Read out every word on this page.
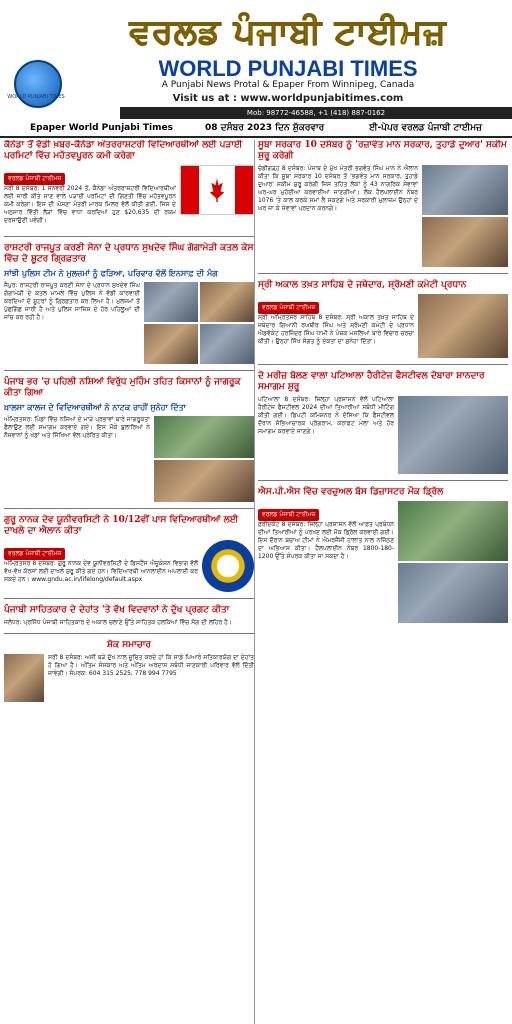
WORLD PUNJABI TIMES
ਵਰਲਡ ਪੰਜਾਬੀ ਟਾਈਮਜ਼
WORLD PUNJABI TIMES
A Punjabi News Protal & Epaper From Winnipeg, Canada
Visit us at : www.worldpunjabitimes.com
Mob: 98772-46588, +1 (418) 887-0162
Epaper World Punjabi Times	08 ਦਸੰਬਰ 2023 ਦਿਨ ਸ਼ੁੱਕਰਵਾਰ	ਈ-ਪੇਪਰ ਵਰਲਡ ਪੰਜਾਬੀ ਟਾਈਮਜ਼
ਕੈਨੇਡਾ ਤੋਂ ਵੱਡੀ ਖ਼ਬਰ-ਕੈਨੇਡਾ ਅੰਤਰਰਾਸ਼ਟਰੀ ਵਿਦਿਆਰਥੀਆਂ ਲਈ ਪੜਾਈ ਪਰਮਿਟਾਂ ਵਿੱਚ ਮਹੱਤਵਪੂਰਨ ਕਮੀ ਕਰੇਗਾ
ਵਰਲਡ ਪੰਜਾਬੀ ਟਾਈਮਜ਼
ਸਰੀ 8 ਦਸੰਬਰ: 1 ਜਨਵਰੀ 2024 ਤੋਂ, ਕੈਨੇਡਾ ਅੰਤਰਰਾਸ਼ਟਰੀ ਵਿਦਿਆਰਥੀਆਂ ਲਈ ਜਾਰੀ ਕੀਤੇ ਜਾਣ ਵਾਲੇ ਪੜਾਈ ਪਰਮਿਟਾਂ ਦੀ ਗਿਣਤੀ ਵਿੱਚ ਮਹੱਤਵਪੂਰਨ ਕਮੀ ਕਰੇਗਾ। ਇਸ ਦੀ ਘੋਸ਼ਣਾ ਮੰਤਰੀ ਮਾਰਕ ਮਿਲਰ ਵੱਲੋਂ ਕੀਤੀ ਗਈ, ਜਿਸ ਦੇ ਅਨੁਸਾਰ ਵਿੱਤੀ ਲੋੜਾਂ ਵਿੱਚ ਵਾਧਾ ਕਰਦਿਆਂ ਹੁਣ $20,635 ਦੀ ਰਕਮ ਦਰਸਾਉਣੀ ਪਵੇਗੀ।
ਰਾਸ਼ਟਰੀ ਰਾਜਪੂਤ ਕਰਣੀ ਸੇਨਾ ਦੇ ਪ੍ਰਧਾਨ ਸੁਖਦੇਵ ਸਿੰਘ ਗੋਗਾਮੇੜੀ ਕਤਲ ਕੇਸ ਵਿੱਚ ਦੋ ਸ਼ੂਟਰ ਗ੍ਰਿਫ਼ਤਾਰ
ਸਾਂਝੀ ਪੁਲਿਸ ਟੀਮ ਨੇ ਮੁਲਜ਼ਮਾਂ ਨੂੰ ਫੜਿਆ, ਪਰਿਵਾਰ ਵੱਲੋਂ ਇਨਸਾਫ਼ ਦੀ ਮੰਗ
ਜੈਪੁਰ: ਰਾਸ਼ਟਰੀ ਰਾਜਪੂਤ ਕਰਣੀ ਸੇਨਾ ਦੇ ਪ੍ਰਧਾਨ ਸੁਖਦੇਵ ਸਿੰਘ ਗੋਗਾਮੇੜੀ ਦੇ ਕਤਲ ਮਾਮਲੇ ਵਿੱਚ ਪੁਲਿਸ ਨੇ ਵੱਡੀ ਕਾਰਵਾਈ ਕਰਦਿਆਂ ਦੋ ਸ਼ੂਟਰਾਂ ਨੂੰ ਗ੍ਰਿਫ਼ਤਾਰ ਕਰ ਲਿਆ ਹੈ। ਮੁਲਜ਼ਮਾਂ ਤੋਂ ਪੁੱਛਗਿੱਛ ਜਾਰੀ ਹੈ ਅਤੇ ਪੁਲਿਸ ਸਾਜ਼ਿਸ਼ ਦੇ ਹੋਰ ਪਹਿਲੂਆਂ ਦੀ ਜਾਂਚ ਕਰ ਰਹੀ ਹੈ।
ਪੰਜਾਬ ਭਰ 'ਚ ਪਹਿਲੀ ਨਸ਼ਿਆਂ ਵਿਰੁੱਧ ਮੁਹਿੰਮ ਤਹਿਤ ਕਿਸਾਨਾਂ ਨੂੰ ਜਾਗਰੂਕ ਕੀਤਾ ਗਿਆ
ਖ਼ਾਲਸਾ ਕਾਲਜ ਦੇ ਵਿਦਿਆਰਥੀਆਂ ਨੇ ਨਾਟਕ ਰਾਹੀਂ ਸੁਨੇਹਾ ਦਿੱਤਾ
ਅੰਮ੍ਰਿਤਸਰ: ਪਿੰਡਾਂ ਵਿੱਚ ਨਸ਼ਿਆਂ ਦੇ ਮਾੜੇ ਪ੍ਰਭਾਵਾਂ ਬਾਰੇ ਜਾਗਰੂਕਤਾ ਫੈਲਾਉਣ ਲਈ ਸਮਾਗਮ ਕਰਵਾਏ ਗਏ। ਇਸ ਮੌਕੇ ਬੁਲਾਰਿਆਂ ਨੇ ਨੌਜਵਾਨਾਂ ਨੂੰ ਖੇਡਾਂ ਅਤੇ ਸਿੱਖਿਆ ਵੱਲ ਪ੍ਰੇਰਿਤ ਕੀਤਾ।
ਗੁਰੂ ਨਾਨਕ ਦੇਵ ਯੂਨੀਵਰਸਿਟੀ ਨੇ 10/12ਵੀਂ ਪਾਸ ਵਿਦਿਆਰਥੀਆਂ ਲਈ ਦਾਖਲੇ ਦਾ ਐਲਾਨ ਕੀਤਾ
ਵਰਲਡ ਪੰਜਾਬੀ ਟਾਈਮਜ਼
ਅੰਮ੍ਰਿਤਸਰ 8 ਦਸੰਬਰ: ਗੁਰੂ ਨਾਨਕ ਦੇਵ ਯੂਨੀਵਰਸਿਟੀ ਦੇ ਡਿਸਟੈਂਸ ਐਜੂਕੇਸ਼ਨ ਵਿਭਾਗ ਵੱਲੋਂ ਵੱਖ-ਵੱਖ ਕੋਰਸਾਂ ਲਈ ਦਾਖਲੇ ਸ਼ੁਰੂ ਕੀਤੇ ਗਏ ਹਨ। ਵਿਦਿਆਰਥੀ ਆਨਲਾਈਨ ਅਪਲਾਈ ਕਰ ਸਕਦੇ ਹਨ। www.gndu.ac.in/lifelong/default.aspx
ਪੰਜਾਬੀ ਸਾਹਿਤਕਾਰ ਦੇ ਦੇਹਾਂਤ 'ਤੇ ਵੱਖ ਵਿਦਵਾਨਾਂ ਨੇ ਦੁੱਖ ਪ੍ਰਗਟ ਕੀਤਾ
ਜਲੰਧਰ: ਪ੍ਰਸਿੱਧ ਪੰਜਾਬੀ ਸਾਹਿਤਕਾਰ ਦੇ ਅਕਾਲ ਚਲਾਣੇ ਉੱਤੇ ਸਾਹਿਤਕ ਹਲਕਿਆਂ ਵਿੱਚ ਸੋਗ ਦੀ ਲਹਿਰ ਹੈ।
ਸ਼ੋਕ ਸਮਾਚਾਰ
ਸਰੀ 8 ਦਸੰਬਰ: ਅਸੀਂ ਬੜੇ ਦੁੱਖ ਨਾਲ ਸੂਚਿਤ ਕਰਦੇ ਹਾਂ ਕਿ ਸਾਡੇ ਪਿਆਰੇ ਸਤਿਕਾਰਯੋਗ ਦਾ ਦੇਹਾਂਤ ਹੋ ਗਿਆ ਹੈ। ਅੰਤਿਮ ਸੰਸਕਾਰ ਅਤੇ ਅੰਤਿਮ ਅਰਦਾਸ ਸਬੰਧੀ ਜਾਣਕਾਰੀ ਪਰਿਵਾਰ ਵੱਲੋਂ ਦਿੱਤੀ ਜਾਵੇਗੀ। ਸੰਪਰਕ: 604 315 2525, 778 994 7795
ਸੂਬਾ ਸਰਕਾਰ 10 ਦਸੰਬਰ ਨੂੰ 'ਰਜ਼ਾਵੰਤ ਮਾਨ ਸਰਕਾਰ, ਤੁਹਾਡੇ ਦੁਆਰ' ਸਕੀਮ ਸ਼ੁਰੂ ਕਰੇਗੀ
ਚੰਡੀਗੜ੍ਹ 8 ਦਸੰਬਰ: ਪੰਜਾਬ ਦੇ ਮੁੱਖ ਮੰਤਰੀ ਭਗਵੰਤ ਸਿੰਘ ਮਾਨ ਨੇ ਐਲਾਨ ਕੀਤਾ ਕਿ ਸੂਬਾ ਸਰਕਾਰ 10 ਦਸੰਬਰ ਤੋਂ 'ਭਗਵੰਤ ਮਾਨ ਸਰਕਾਰ, ਤੁਹਾਡੇ ਦੁਆਰ' ਸਕੀਮ ਸ਼ੁਰੂ ਕਰੇਗੀ ਜਿਸ ਤਹਿਤ ਲੋਕਾਂ ਨੂੰ 43 ਨਾਗਰਿਕ ਸੇਵਾਵਾਂ ਘਰ-ਘਰ ਮੁਹੱਈਆ ਕਰਵਾਈਆਂ ਜਾਣਗੀਆਂ। ਲੋਕ ਹੈਲਪਲਾਈਨ ਨੰਬਰ 1076 'ਤੇ ਕਾਲ ਕਰਕੇ ਸਮਾਂ ਲੈ ਸਕਣਗੇ ਅਤੇ ਸਰਕਾਰੀ ਮੁਲਾਜ਼ਮ ਉਨ੍ਹਾਂ ਦੇ ਘਰ ਜਾ ਕੇ ਸੇਵਾਵਾਂ ਪ੍ਰਦਾਨ ਕਰਨਗੇ।
ਸ੍ਰੀ ਅਕਾਲ ਤਖ਼ਤ ਸਾਹਿਬ ਦੇ ਜਥੇਦਾਰ, ਸ਼੍ਰੋਮਣੀ ਕਮੇਟੀ ਪ੍ਰਧਾਨ
ਵਰਲਡ ਪੰਜਾਬੀ ਟਾਈਮਜ਼
ਸ੍ਰੀ ਅੰਮ੍ਰਿਤਸਰ ਸਾਹਿਬ 8 ਦਸੰਬਰ: ਸ੍ਰੀ ਅਕਾਲ ਤਖ਼ਤ ਸਾਹਿਬ ਦੇ ਜਥੇਦਾਰ ਗਿਆਨੀ ਰਘਬੀਰ ਸਿੰਘ ਅਤੇ ਸ਼੍ਰੋਮਣੀ ਕਮੇਟੀ ਦੇ ਪ੍ਰਧਾਨ ਐਡਵੋਕੇਟ ਹਰਜਿੰਦਰ ਸਿੰਘ ਧਾਮੀ ਨੇ ਪੰਥਕ ਮਸਲਿਆਂ ਬਾਰੇ ਵਿਚਾਰ ਚਰਚਾ ਕੀਤੀ। ਉਨ੍ਹਾਂ ਸਿੱਖ ਸੰਗਤ ਨੂੰ ਏਕਤਾ ਦਾ ਸੁਨੇਹਾ ਦਿੱਤਾ।
ਦੋ ਮਰੀਜ਼ ਬੋਲਣ ਵਾਲਾ ਪਟਿਆਲਾ ਹੈਰੀਟੇਜ ਫੈਸਟੀਵਲ ਦੋਬਾਰਾ ਸ਼ਾਨਦਾਰ ਸਮਾਗਮ ਸ਼ੁਰੂ
ਪਟਿਆਲਾ 8 ਦਸੰਬਰ: ਜ਼ਿਲ੍ਹਾ ਪ੍ਰਸ਼ਾਸਨ ਵੱਲੋਂ ਪਟਿਆਲਾ ਹੈਰੀਟੇਜ ਫੈਸਟੀਵਲ 2024 ਦੀਆਂ ਤਿਆਰੀਆਂ ਸਬੰਧੀ ਮੀਟਿੰਗ ਕੀਤੀ ਗਈ। ਡਿਪਟੀ ਕਮਿਸ਼ਨਰ ਨੇ ਦੱਸਿਆ ਕਿ ਫੈਸਟੀਵਲ ਦੌਰਾਨ ਸੱਭਿਆਚਾਰਕ ਪ੍ਰੋਗਰਾਮ, ਕਰਾਫਟ ਮੇਲਾ ਅਤੇ ਹੋਰ ਸਮਾਗਮ ਕਰਵਾਏ ਜਾਣਗੇ।
ਐਸ.ਪੀ.ਐਸ ਵਿੱਚ ਵਰਚੁਅਲ ਬੱਸ ਡਿਜ਼ਾਸਟਰ ਮੌਕ ਡ੍ਰਿੱਲ
ਵਰਲਡ ਪੰਜਾਬੀ ਟਾਈਮਜ਼
ਫ਼ਰੀਦਕੋਟ 8 ਦਸੰਬਰ: ਜ਼ਿਲ੍ਹਾ ਪ੍ਰਸ਼ਾਸਨ ਵੱਲੋਂ ਆਫ਼ਤ ਪ੍ਰਬੰਧਨ ਦੀਆਂ ਤਿਆਰੀਆਂ ਨੂੰ ਪਰਖਣ ਲਈ ਮੌਕ ਡ੍ਰਿੱਲ ਕਰਵਾਈ ਗਈ। ਇਸ ਦੌਰਾਨ ਬਚਾਅ ਟੀਮਾਂ ਨੇ ਐਮਰਜੈਂਸੀ ਹਾਲਾਤ ਨਾਲ ਨਜਿੱਠਣ ਦਾ ਅਭਿਆਸ ਕੀਤਾ। ਹੈਲਪਲਾਈਨ ਨੰਬਰ 1800-180-1200 ਉੱਤੇ ਸੰਪਰਕ ਕੀਤਾ ਜਾ ਸਕਦਾ ਹੈ।
